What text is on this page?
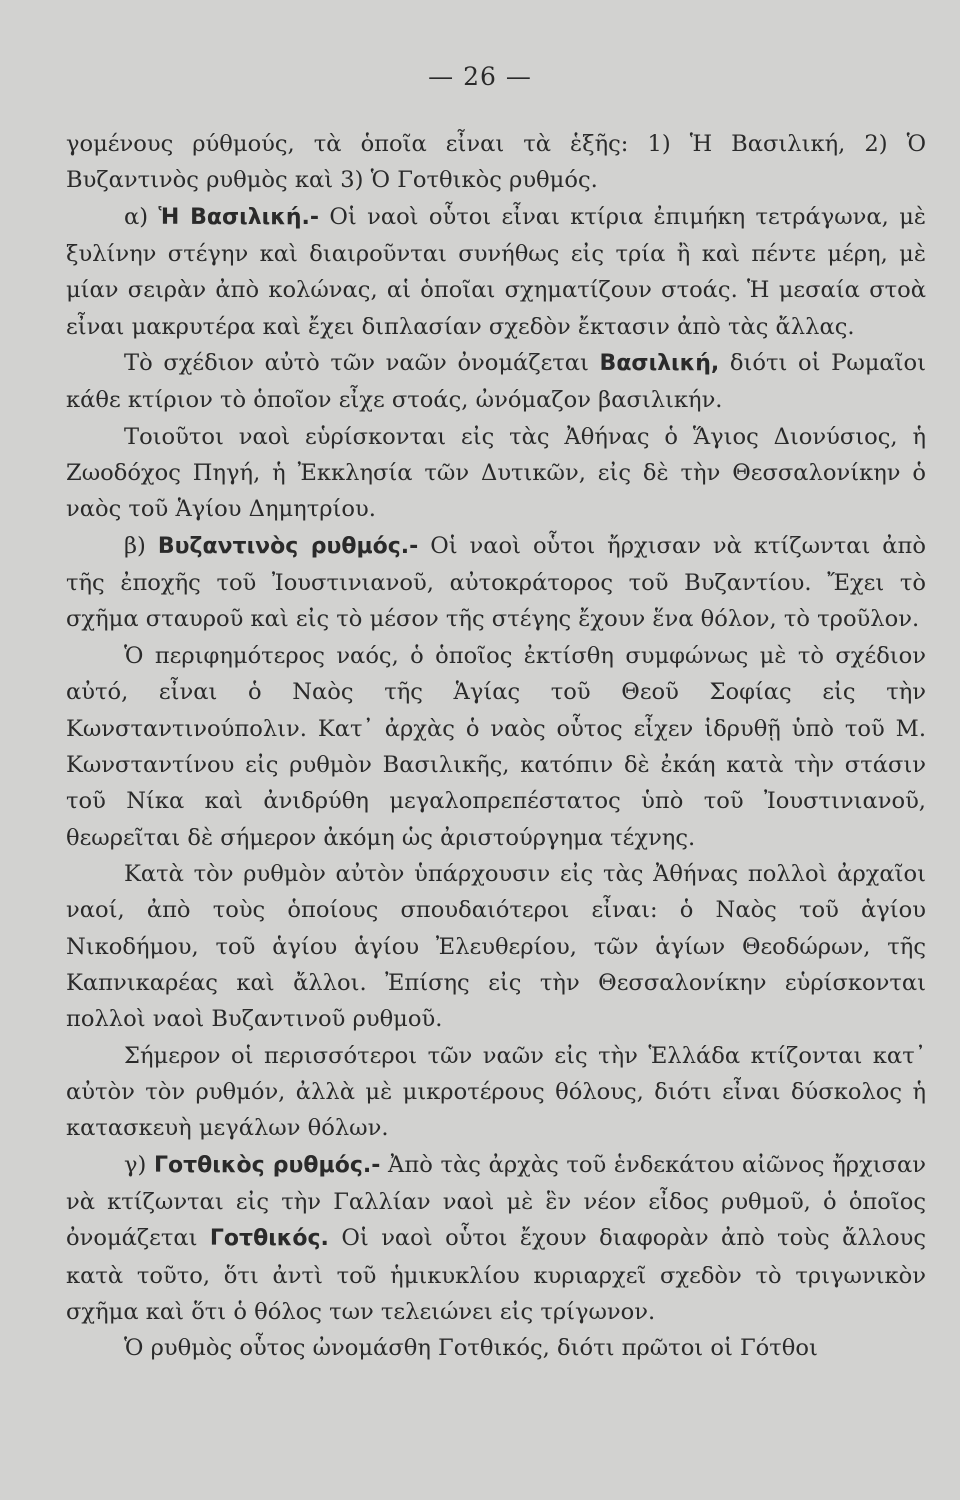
— 26 —

γομένους ρύθμούς, τὰ ὁποῖα εἶναι τὰ ἑξῆς: 1) Ἡ Βασιλική, 2) Ὁ Βυζαντινὸς ρυθμὸς καὶ 3) Ὁ Γοτθικὸς ρυθμός.

α) Ἡ Βασιλική.- Οἱ ναοὶ οὗτοι εἶναι κτίρια ἐπιμήκη τετράγωνα, μὲ ξυλίνην στέγην καὶ διαιροῦνται συνήθως εἰς τρία ἢ καὶ πέντε μέρη, μὲ μίαν σειρὰν ἀπὸ κολώνας, αἱ ὁποῖαι σχηματίζουν στοάς. Ἡ μεσαία στοὰ εἶναι μακρυτέρα καὶ ἔχει διπλασίαν σχεδὸν ἔκτασιν ἀπὸ τὰς ἄλλας.

Τὸ σχέδιον αὐτὸ τῶν ναῶν ὀνομάζεται Βασιλική, διότι οἱ Ρωμαῖοι κάθε κτίριον τὸ ὁποῖον εἶχε στοάς, ὠνόμαζον βασιλικήν.

Τοιοῦτοι ναοὶ εὑρίσκονται εἰς τὰς Ἀθήνας ὁ Ἅγιος Διονύσιος, ἡ Ζωοδόχος Πηγή, ἡ Ἐκκλησία τῶν Δυτικῶν, εἰς δὲ τὴν Θεσσαλονίκην ὁ ναὸς τοῦ Ἁγίου Δημητρίου.

β) Βυζαντινὸς ρυθμός.- Οἱ ναοὶ οὗτοι ἤρχισαν νὰ κτίζωνται ἀπὸ τῆς ἐποχῆς τοῦ Ἰουστινιανοῦ, αὐτοκράτορος τοῦ Βυζαντίου. Ἔχει τὸ σχῆμα σταυροῦ καὶ εἰς τὸ μέσον τῆς στέγης ἔχουν ἕνα θόλον, τὸ τροῦλον.

Ὁ περιφημότερος ναός, ὁ ὁποῖος ἐκτίσθη συμφώνως μὲ τὸ σχέδιον αὐτό, εἶναι ὁ Ναὸς τῆς Ἁγίας τοῦ Θεοῦ Σοφίας εἰς τὴν Κωνσταντινούπολιν. Κατ᾽ ἀρχὰς ὁ ναὸς οὗτος εἶχεν ἱδρυθῇ ὑπὸ τοῦ Μ. Κωνσταντίνου εἰς ρυθμὸν Βασιλικῆς, κατόπιν δὲ ἐκάη κατὰ τὴν στάσιν τοῦ Νίκα καὶ ἀνιδρύθη μεγαλοπρεπέστατος ὑπὸ τοῦ Ἰουστινιανοῦ, θεωρεῖται δὲ σήμερον ἀκόμη ὡς ἀριστούργημα τέχνης.

Κατὰ τὸν ρυθμὸν αὐτὸν ὑπάρχουσιν εἰς τὰς Ἀθήνας πολλοὶ ἀρχαῖοι ναοί, ἀπὸ τοὺς ὁποίους σπουδαιότεροι εἶναι: ὁ Ναὸς τοῦ ἁγίου Νικοδήμου, τοῦ ἁγίου ἁγίου Ἐλευθερίου, τῶν ἁγίων Θεοδώρων, τῆς Καπνικαρέας καὶ ἄλλοι. Ἐπίσης εἰς τὴν Θεσσαλονίκην εὑρίσκονται πολλοὶ ναοὶ Βυζαντινοῦ ρυθμοῦ.

Σήμερον οἱ περισσότεροι τῶν ναῶν εἰς τὴν Ἑλλάδα κτίζονται κατ᾽ αὐτὸν τὸν ρυθμόν, ἀλλὰ μὲ μικροτέρους θόλους, διότι εἶναι δύσκολος ἡ κατασκευὴ μεγάλων θόλων.

γ) Γοτθικὸς ρυθμός.- Ἀπὸ τὰς ἀρχὰς τοῦ ἑνδεκάτου αἰῶνος ἤρχισαν νὰ κτίζωνται εἰς τὴν Γαλλίαν ναοὶ μὲ ἓν νέον εἶδος ρυθμοῦ, ὁ ὁποῖος ὀνομάζεται Γοτθικός. Οἱ ναοὶ οὗτοι ἔχουν διαφορὰν ἀπὸ τοὺς ἄλλους κατὰ τοῦτο, ὅτι ἀντὶ τοῦ ἡμικυκλίου κυριαρχεῖ σχεδὸν τὸ τριγωνικὸν σχῆμα καὶ ὅτι ὁ θόλος των τελειώνει εἰς τρίγωνον.

Ὁ ρυθμὸς οὗτος ὠνομάσθη Γοτθικός, διότι πρῶτοι οἱ Γότθοι
